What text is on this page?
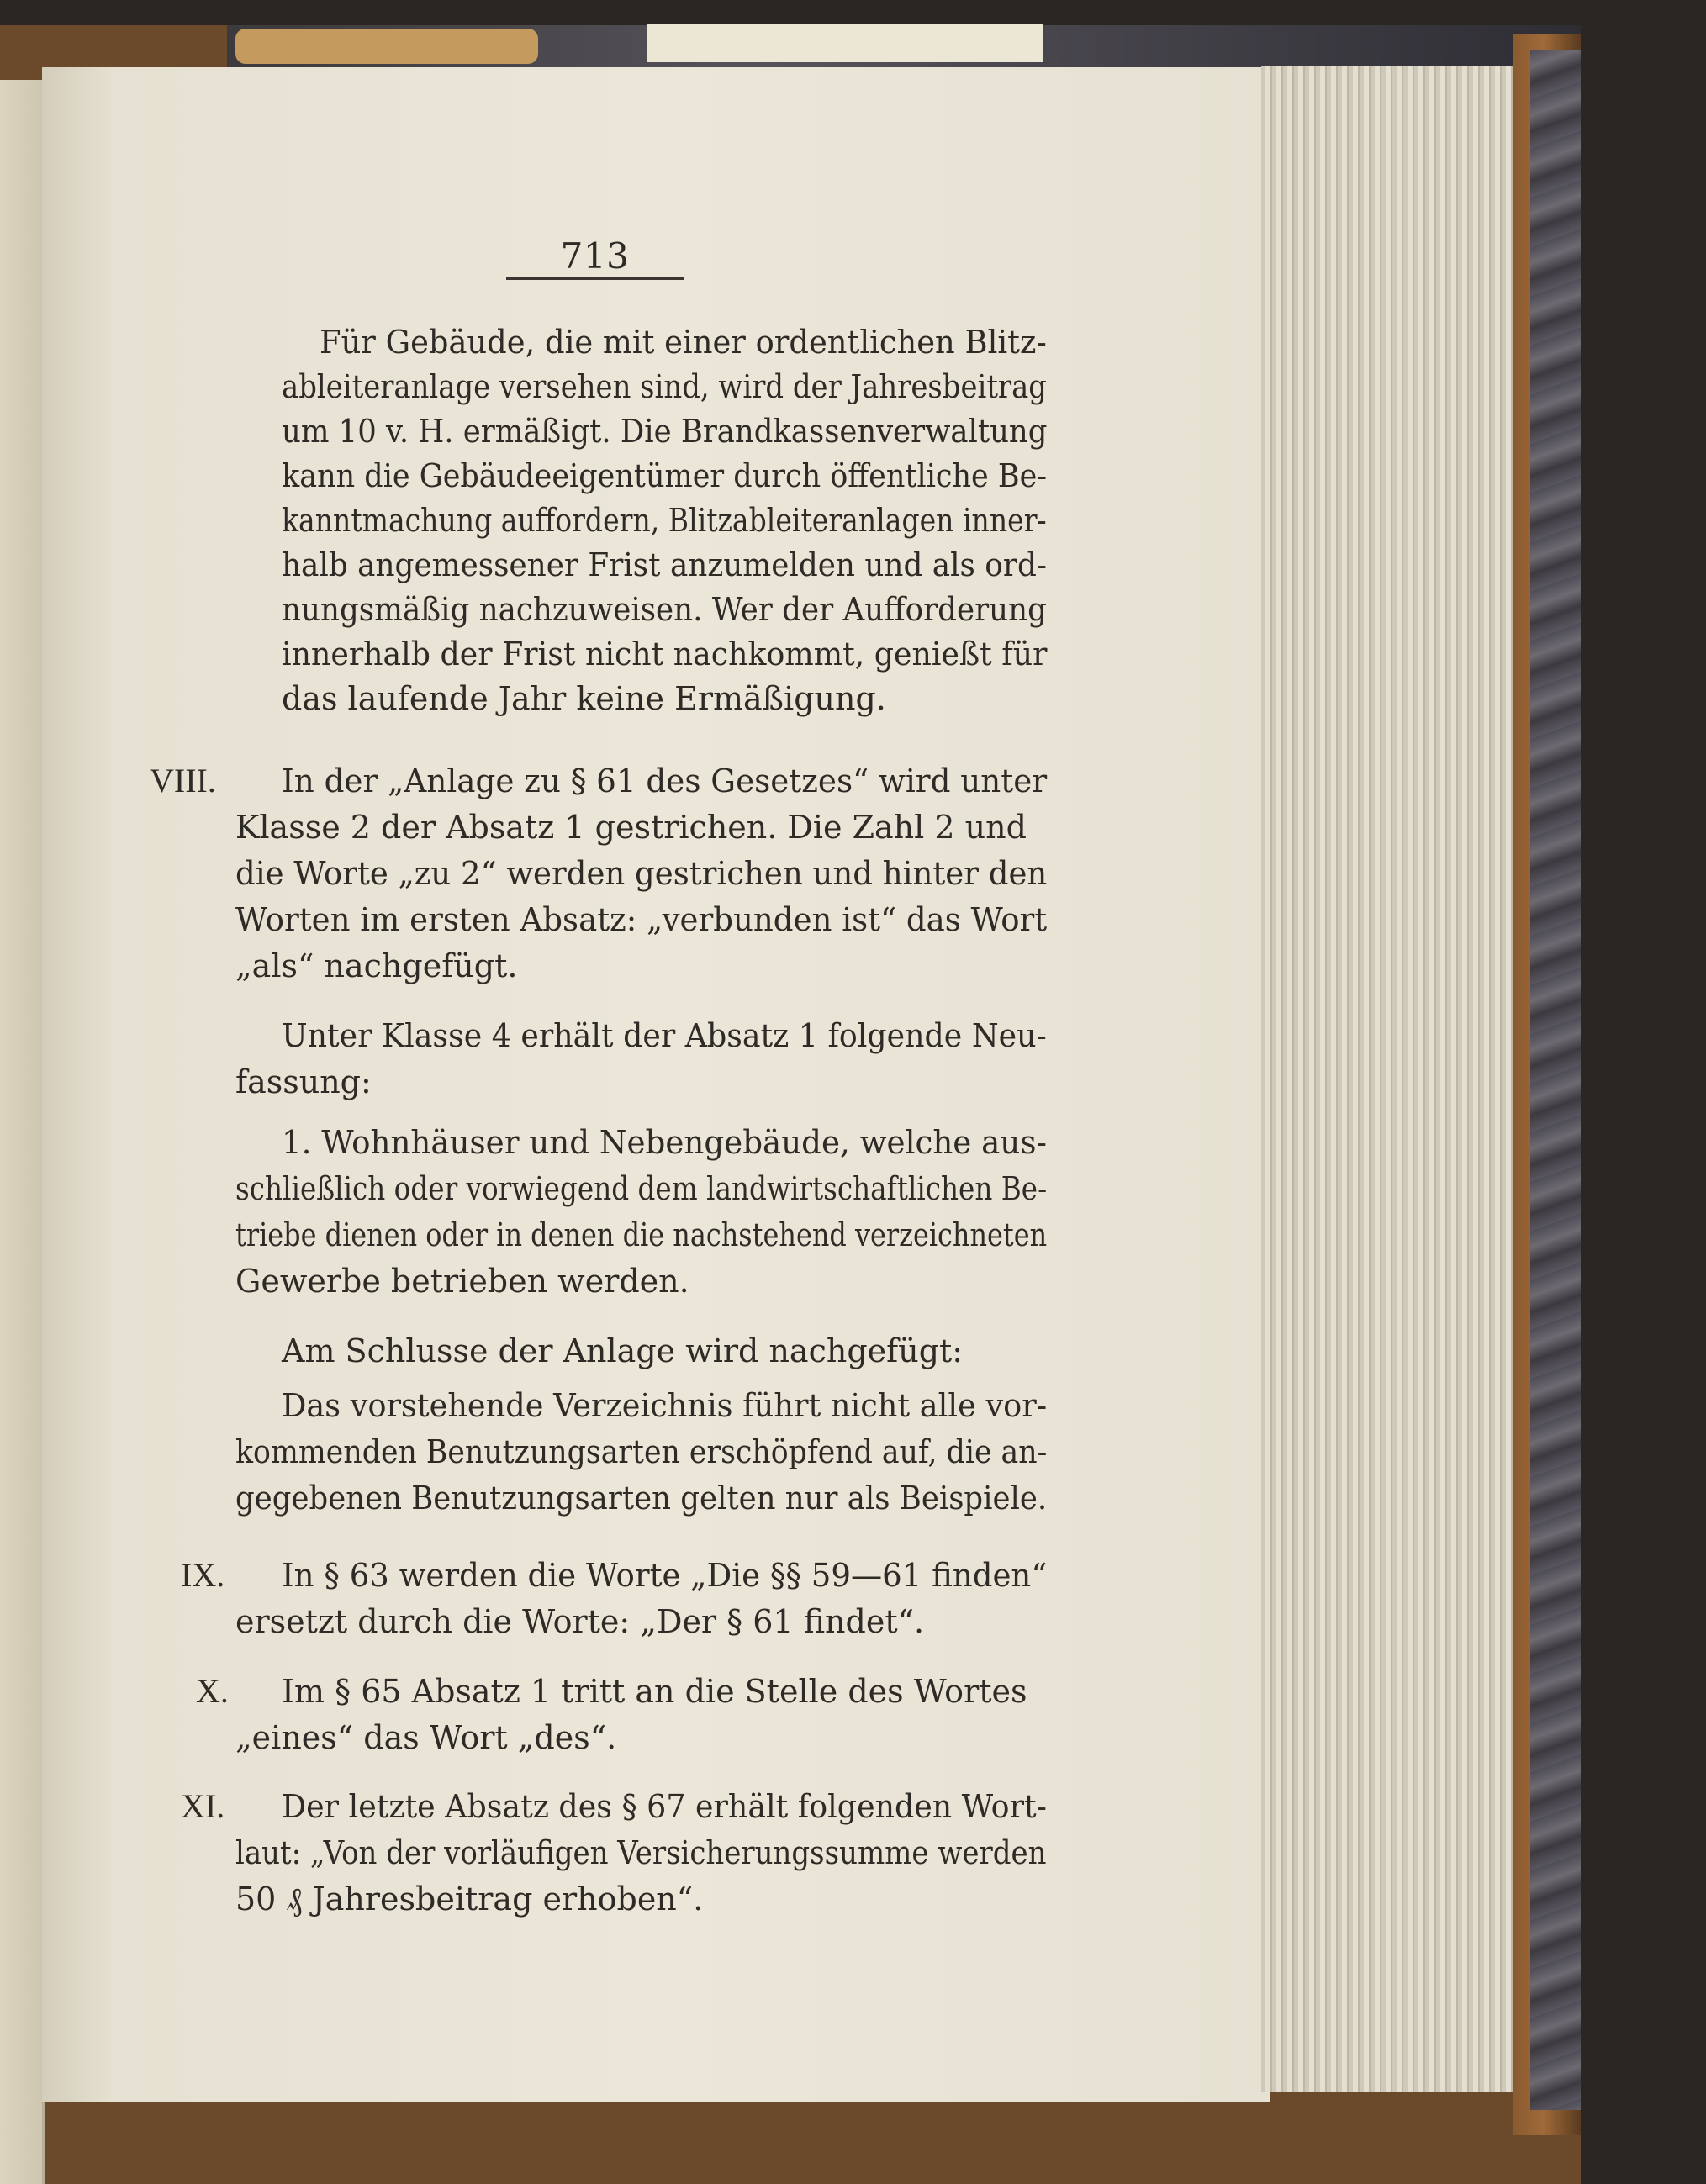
713
Für Gebäude, die mit einer ordentlichen Blitz-
ableiteranlage versehen sind, wird der Jahresbeitrag
um 10 v. H. ermäßigt. Die Brandkassenverwaltung
kann die Gebäudeeigentümer durch öffentliche Be-
kanntmachung auffordern, Blitzableiteranlagen inner-
halb angemessener Frist anzumelden und als ord-
nungsmäßig nachzuweisen. Wer der Aufforderung
innerhalb der Frist nicht nachkommt, genießt für
das laufende Jahr keine Ermäßigung.
VIII. In der „Anlage zu § 61 des Gesetzes“ wird unter
Klasse 2 der Absatz 1 gestrichen. Die Zahl 2 und
die Worte „zu 2“ werden gestrichen und hinter den
Worten im ersten Absatz: „verbunden ist“ das Wort
„als“ nachgefügt.
Unter Klasse 4 erhält der Absatz 1 folgende Neu-
fassung:
1. Wohnhäuser und Nebengebäude, welche aus-
schließlich oder vorwiegend dem landwirtschaftlichen Be-
triebe dienen oder in denen die nachstehend verzeichneten
Gewerbe betrieben werden.
Am Schlusse der Anlage wird nachgefügt:
Das vorstehende Verzeichnis führt nicht alle vor-
kommenden Benutzungsarten erschöpfend auf, die an-
gegebenen Benutzungsarten gelten nur als Beispiele.
IX. In § 63 werden die Worte „Die §§ 59—61 finden“
ersetzt durch die Worte: „Der § 61 findet“.
X. Im § 65 Absatz 1 tritt an die Stelle des Wortes
„eines“ das Wort „des“.
XI. Der letzte Absatz des § 67 erhält folgenden Wort-
laut: „Von der vorläufigen Versicherungssumme werden
50 ₰ Jahresbeitrag erhoben“.
